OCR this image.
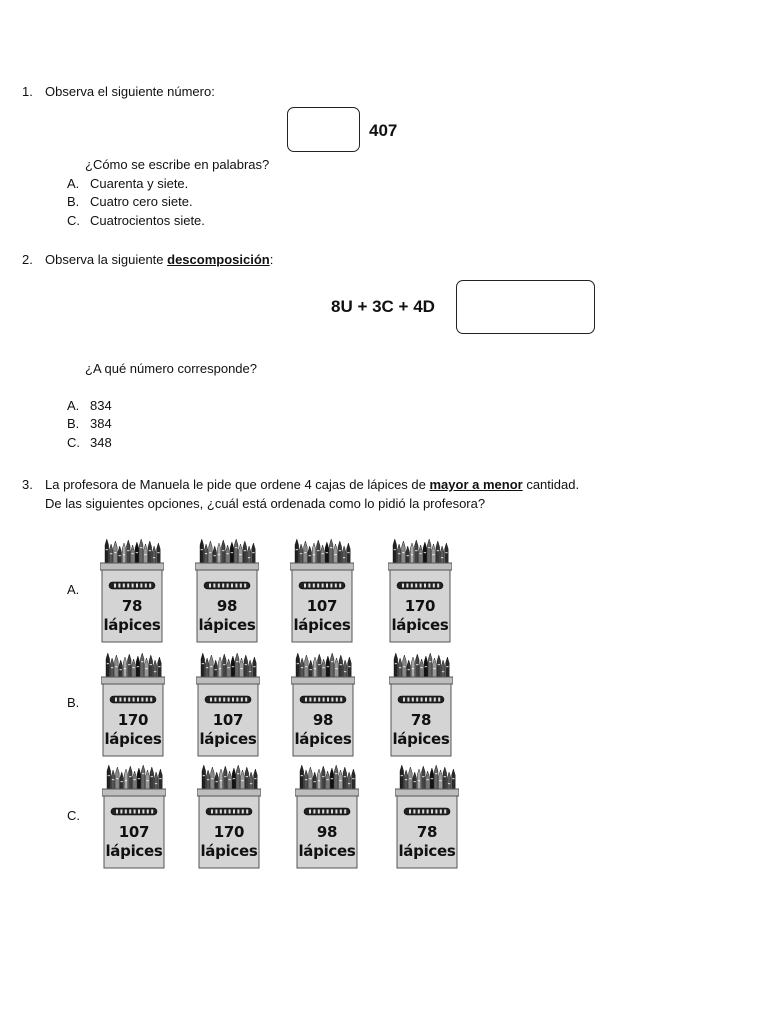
1. Observa el siguiente número:
407
¿Cómo se escribe en palabras?
A. Cuarenta y siete.
B. Cuatro cero siete.
C. Cuatrocientos siete.
2. Observa la siguiente descomposición:
8U + 3C + 4D
¿A qué número corresponde?
A. 834
B. 384
C. 348
3. La profesora de Manuela le pide que ordene 4 cajas de lápices de mayor a menor cantidad.
De las siguientes opciones, ¿cuál está ordenada como lo pidió la profesora?
A.
78
lápices
98
lápices
107
lápices
170
lápices
B.
170
lápices
107
lápices
98
lápices
78
lápices
C.
107
lápices
170
lápices
98
lápices
78
lápices
